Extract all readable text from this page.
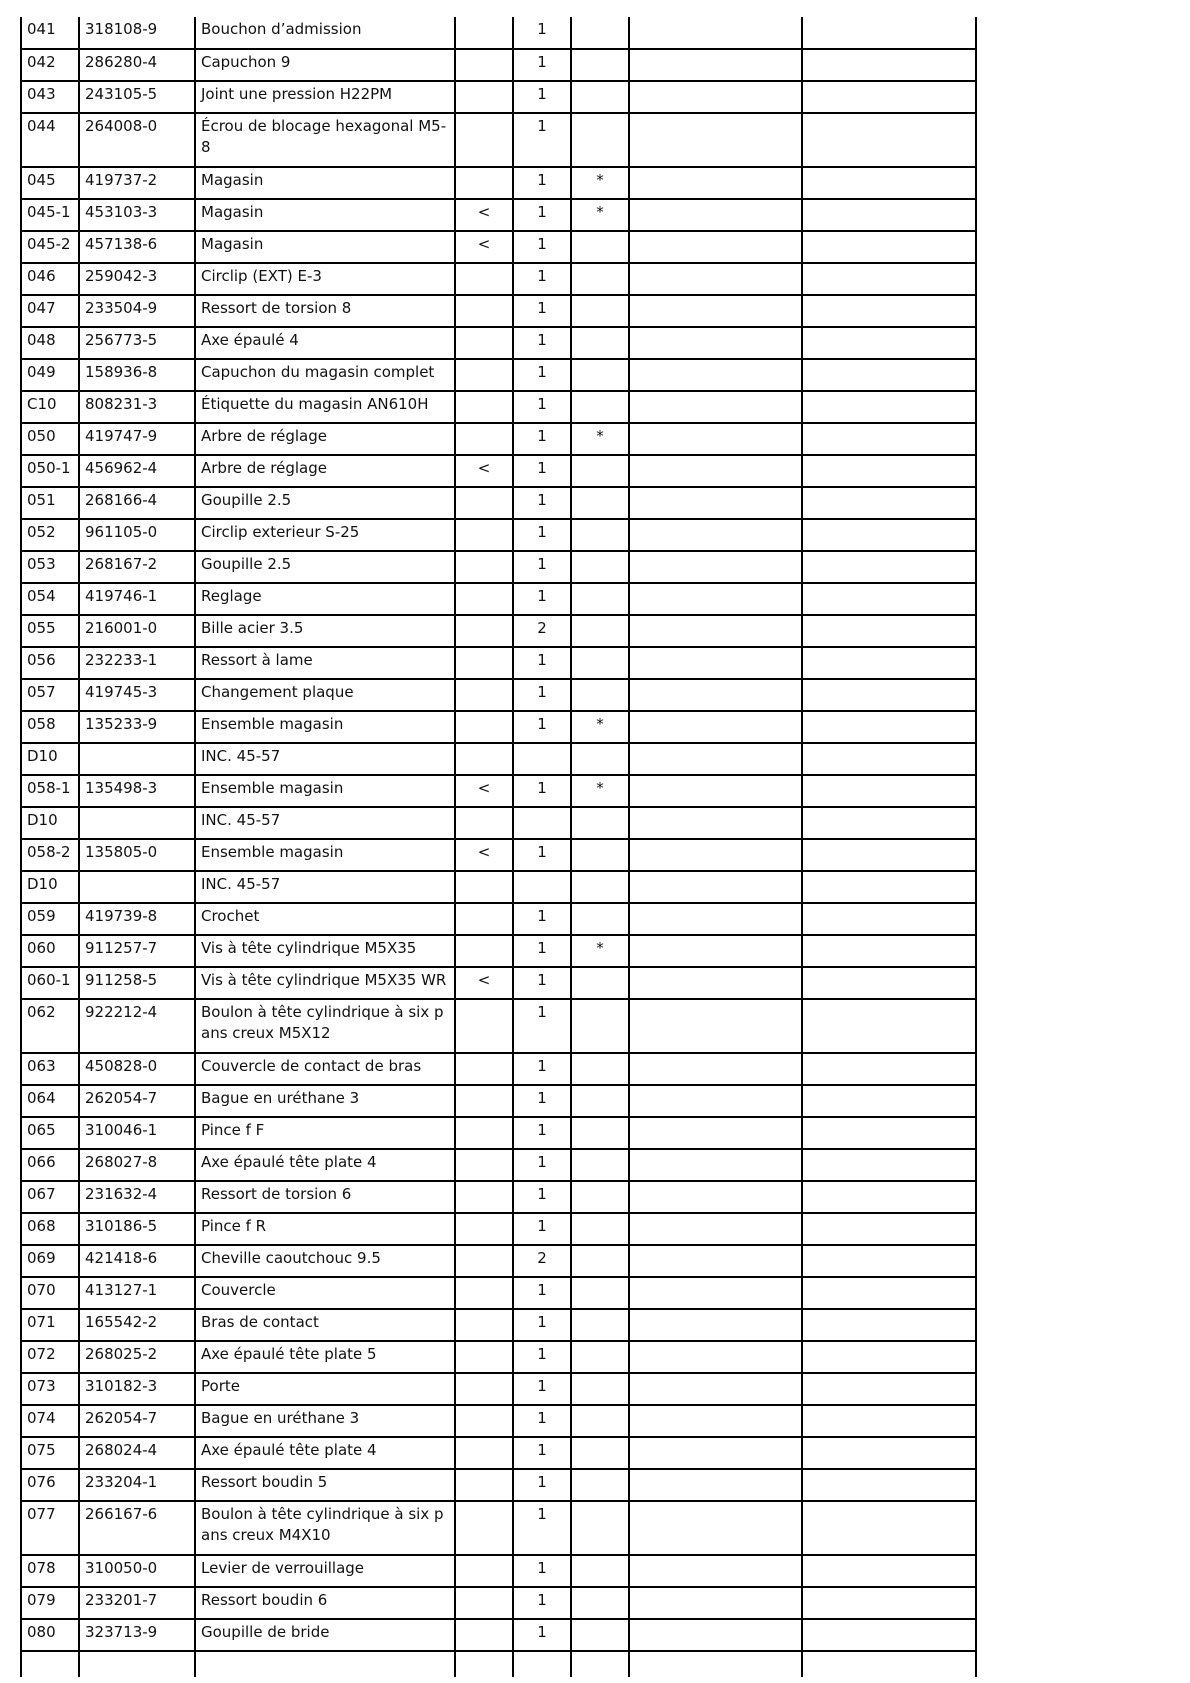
041	318108-9	Bouchon d’admission		1			
042	286280-4	Capuchon 9		1			
043	243105-5	Joint une pression H22PM		1			
044	264008-0	Écrou de blocage hexagonal M5-8		1			
045	419737-2	Magasin		1	*		
045-1	453103-3	Magasin	<	1	*		
045-2	457138-6	Magasin	<	1			
046	259042-3	Circlip (EXT) E-3		1			
047	233504-9	Ressort de torsion 8		1			
048	256773-5	Axe épaulé 4		1			
049	158936-8	Capuchon du magasin complet		1			
C10	808231-3	Étiquette du magasin AN610H		1			
050	419747-9	Arbre de réglage		1	*		
050-1	456962-4	Arbre de réglage	<	1			
051	268166-4	Goupille 2.5		1			
052	961105-0	Circlip exterieur S-25		1			
053	268167-2	Goupille 2.5		1			
054	419746-1	Reglage		1			
055	216001-0	Bille acier 3.5		2			
056	232233-1	Ressort à lame		1			
057	419745-3	Changement plaque		1			
058	135233-9	Ensemble magasin		1	*		
D10		INC. 45-57					
058-1	135498-3	Ensemble magasin	<	1	*		
D10		INC. 45-57					
058-2	135805-0	Ensemble magasin	<	1			
D10		INC. 45-57					
059	419739-8	Crochet		1			
060	911257-7	Vis à tête cylindrique M5X35		1	*		
060-1	911258-5	Vis à tête cylindrique M5X35 WR	<	1			
062	922212-4	Boulon à tête cylindrique à six pans creux M5X12		1			
063	450828-0	Couvercle de contact de bras		1			
064	262054-7	Bague en uréthane 3		1			
065	310046-1	Pince f F		1			
066	268027-8	Axe épaulé tête plate 4		1			
067	231632-4	Ressort de torsion 6		1			
068	310186-5	Pince f R		1			
069	421418-6	Cheville caoutchouc 9.5		2			
070	413127-1	Couvercle		1			
071	165542-2	Bras de contact		1			
072	268025-2	Axe épaulé tête plate 5		1			
073	310182-3	Porte		1			
074	262054-7	Bague en uréthane 3		1			
075	268024-4	Axe épaulé tête plate 4		1			
076	233204-1	Ressort boudin 5		1			
077	266167-6	Boulon à tête cylindrique à six pans creux M4X10		1			
078	310050-0	Levier de verrouillage		1			
079	233201-7	Ressort boudin 6		1			
080	323713-9	Goupille de bride		1			
